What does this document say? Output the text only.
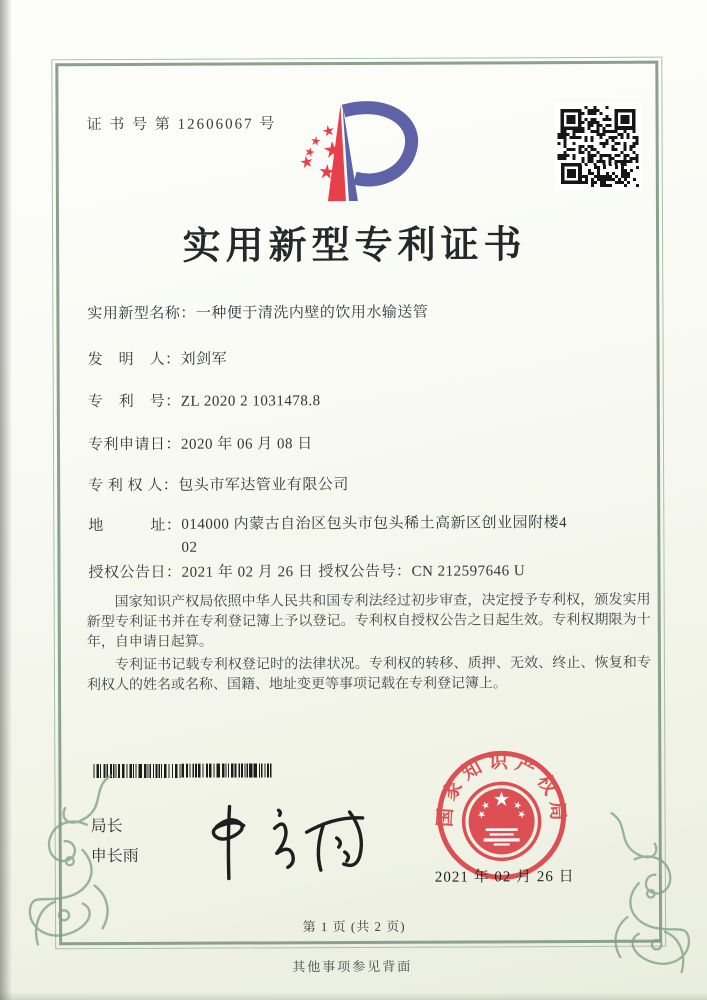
证 书 号 第 12606067 号
实用新型专利证书
实用新型名称：一种便于清洗内壁的饮用水输送管
发　明　人：刘剑军
专　利　号：ZL 2020 2 1031478.8
专利申请日：2020 年 06 月 08 日
专 利 权 人：包头市军达管业有限公司
地　　　址：014000 内蒙古自治区包头市包头稀土高新区创业园附楼4
02
授权公告日：2021 年 02 月 26 日 授权公告号：CN 212597646 U

国家知识产权局依照中华人民共和国专利法经过初步审查，决定授予专利权，颁发实用新型专利证书并在专利登记簿上予以登记。专利权自授权公告之日起生效。专利权期限为十年，自申请日起算。

专利证书记载专利权登记时的法律状况。专利权的转移、质押、无效、终止、恢复和专利权人的姓名或名称、国籍、地址变更等事项记载在专利登记簿上。

局长
申长雨
国家知识产权局
2021 年 02 月 26 日
第 1 页 (共 2 页)
其他事项参见背面
